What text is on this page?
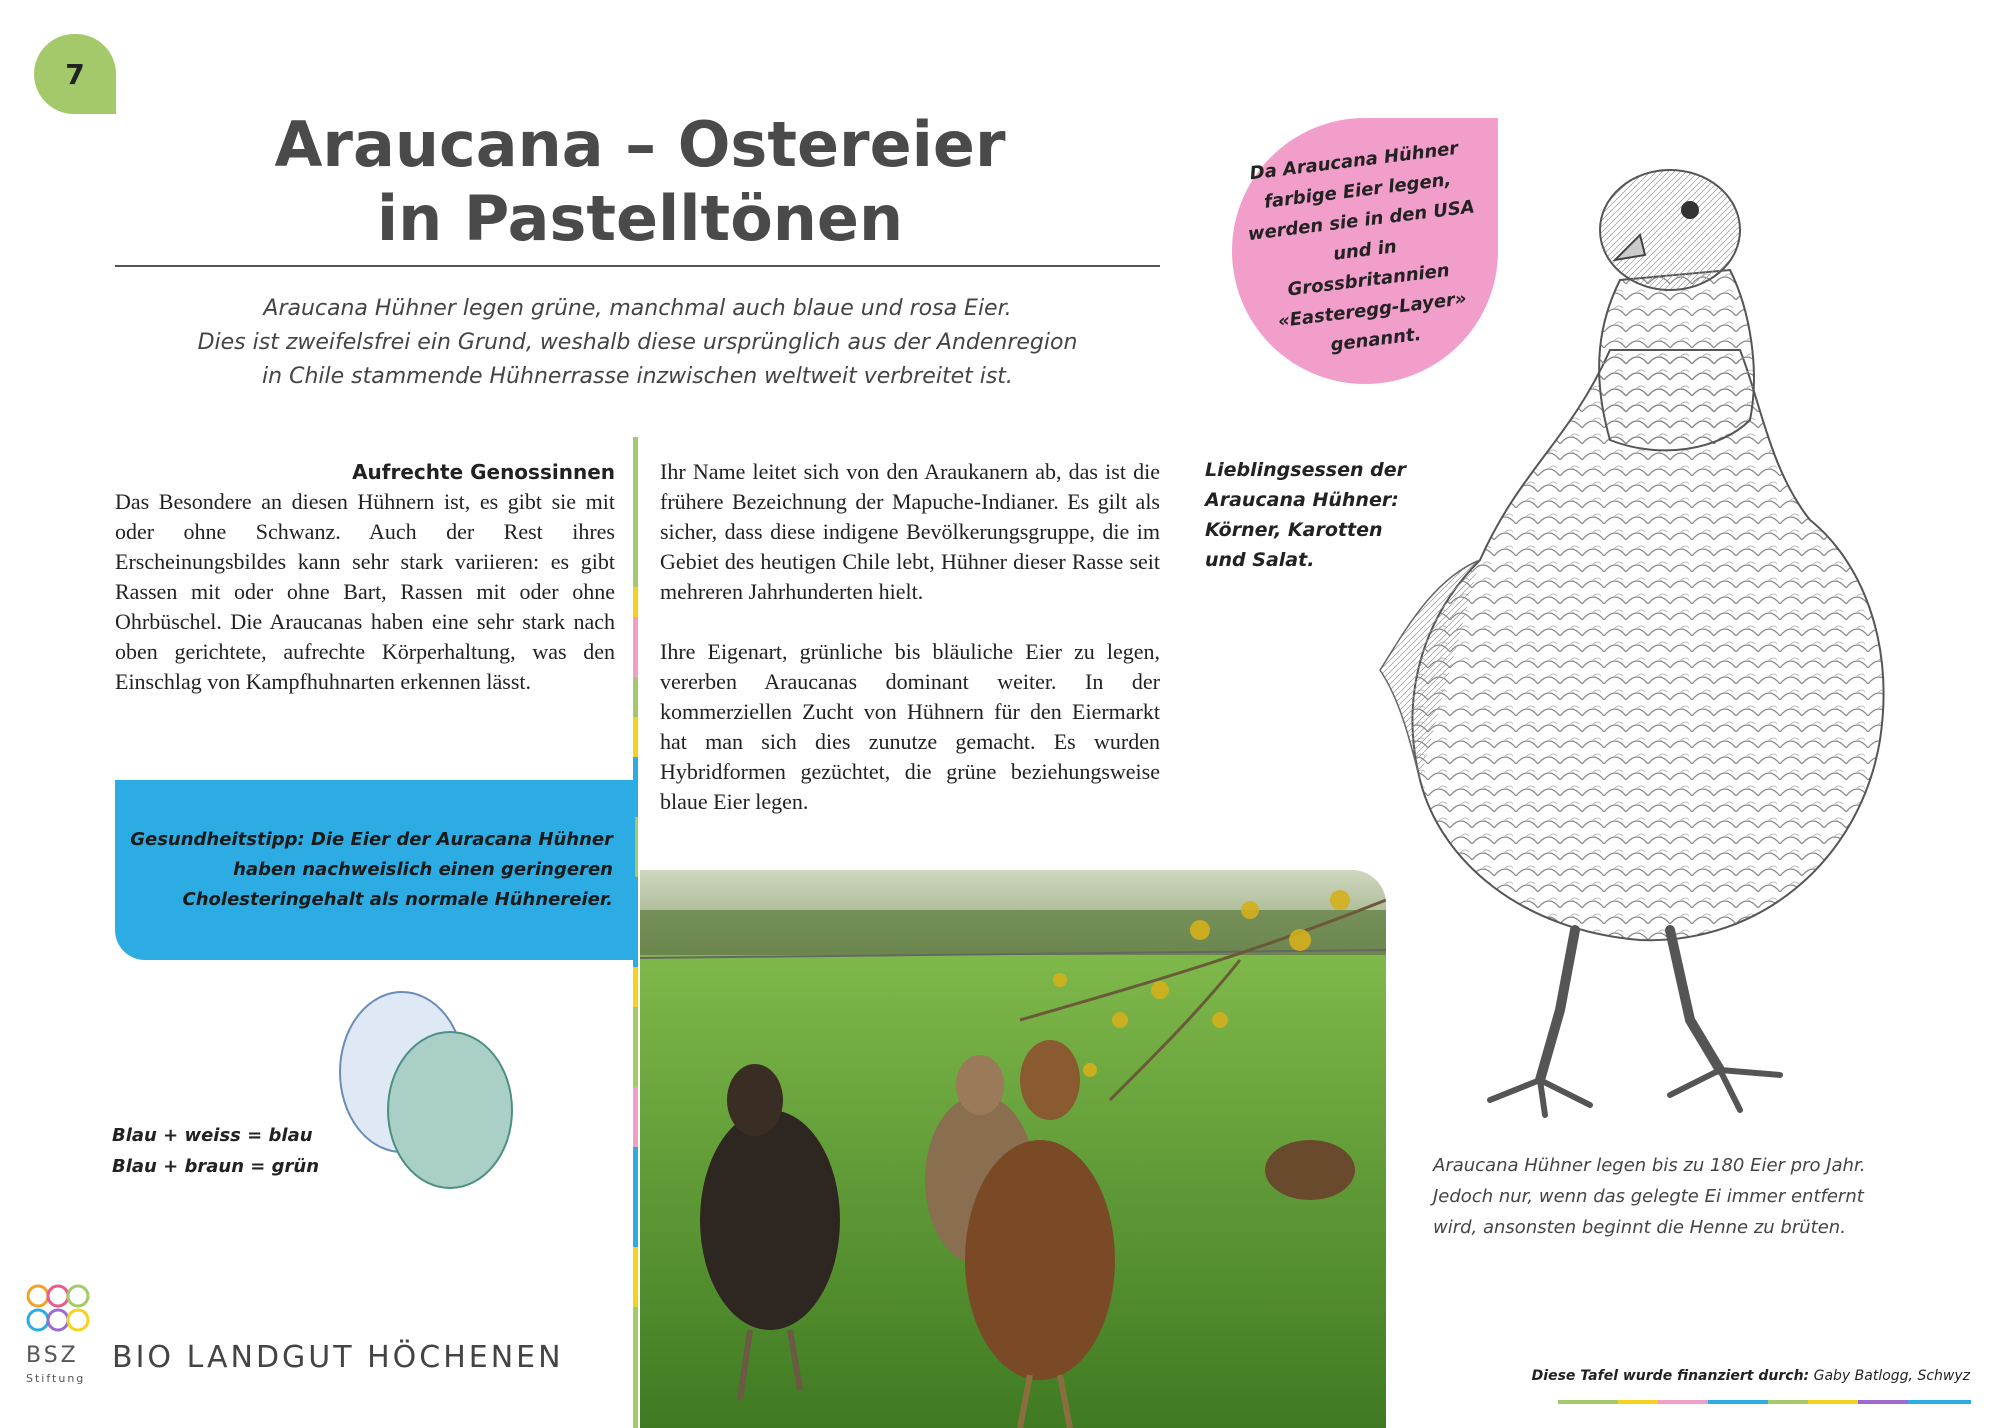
7
Araucana – Ostereier
in Pastelltönen
Araucana Hühner legen grüne, manchmal auch blaue und rosa Eier.
Dies ist zweifelsfrei ein Grund, weshalb diese ursprünglich aus der Andenregion
in Chile stammende Hühnerrasse inzwischen weltweit verbreitet ist.
Da Araucana Hühner farbige Eier legen, werden sie in den USA und in Grossbritannien «Easteregg-Layer» genannt.
Aufrechte Genossinnen

Das Besondere an diesen Hühnern ist, es gibt sie mit oder ohne Schwanz. Auch der Rest ihres Erscheinungsbildes kann sehr stark variieren: es gibt Rassen mit oder ohne Bart, Rassen mit oder ohne Ohrbüschel. Die Araucanas haben eine sehr stark nach oben gerichtete, aufrechte Körperhaltung, was den Einschlag von Kampfhuhnarten erkennen lässt.

Ihr Name leitet sich von den Araukanern ab, das ist die frühere Bezeichnung der Mapuche-Indianer. Es gilt als sicher, dass diese indigene Bevölkerungsgruppe, die im Gebiet des heutigen Chile lebt, Hühner dieser Rasse seit mehreren Jahrhunderten hielt.

Ihre Eigenart, grünliche bis bläuliche Eier zu legen, vererben Araucanas dominant weiter. In der kommerziellen Zucht von Hühnern für den Eiermarkt hat man sich dies zunutze gemacht. Es wurden Hybridformen gezüchtet, die grüne beziehungsweise blaue Eier legen.

Lieblingsessen der
Araucana Hühner:
Körner, Karotten
und Salat.
Gesundheitstipp: Die Eier der Auracana Hühner
haben nachweislich einen geringeren
Cholesteringehalt als normale Hühnereier.
Blau + weiss = blau
Blau + braun = grün	Araucana Hühner legen bis zu 180 Eier pro Jahr.
Jedoch nur, wenn das gelegte Ei immer entfernt
wird, ansonsten beginnt die Henne zu brüten.
BSZ
Stiftung
BIO LANDGUT HÖCHENEN
Diese Tafel wurde finanziert durch: Gaby Batlogg, Schwyz
